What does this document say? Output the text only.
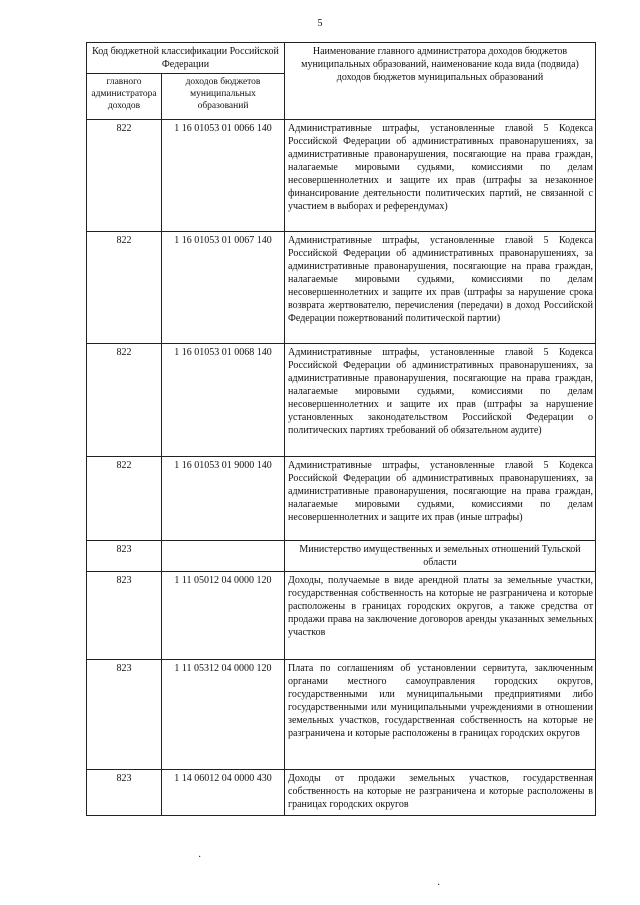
5
Код бюджетной классификации Российской Федерации		Наименование главного администратора доходов бюджетов муниципальных образований, наименование кода вида (подвида) доходов бюджетов муниципальных образований
главного администратора доходов	доходов бюджетов муниципальных образований	
822	1 16 01053 01 0066 140	Административные штрафы, установленные главой 5 Кодекса Российской Федерации об административных правонарушениях, за административные правонарушения, посягающие на права граждан, налагаемые мировыми судьями, комиссиями по делам несовершеннолетних и защите их прав (штрафы за незаконное финансирование деятельности политических партий, не связанной с участием в выборах и референдумах)
822	1 16 01053 01 0067 140	Административные штрафы, установленные главой 5 Кодекса Российской Федерации об административных правонарушениях, за административные правонарушения, посягающие на права граждан, налагаемые мировыми судьями, комиссиями по делам несовершеннолетних и защите их прав (штрафы за нарушение срока возврата жертвователю, перечисления (передачи) в доход Российской Федерации пожертвований политической партии)
822	1 16 01053 01 0068 140	Административные штрафы, установленные главой 5 Кодекса Российской Федерации об административных правонарушениях, за административные правонарушения, посягающие на права граждан, налагаемые мировыми судьями, комиссиями по делам несовершеннолетних и защите их прав (штрафы за нарушение установленных законодательством Российской Федерации о политических партиях требований об обязательном аудите)
822	1 16 01053 01 9000 140	Административные штрафы, установленные главой 5 Кодекса Российской Федерации об административных правонарушениях, за административные правонарушения, посягающие на права граждан, налагаемые мировыми судьями, комиссиями по делам несовершеннолетних и защите их прав (иные штрафы)
823		Министерство имущественных и земельных отношений Тульской области
823	1 11 05012 04 0000 120	Доходы, получаемые в виде арендной платы за земельные участки, государственная собственность на которые не разграничена и которые расположены в границах городских округов, а также средства от продажи права на заключение договоров аренды указанных земельных участков
823	1 11 05312 04 0000 120	Плата по соглашениям об установлении сервитута, заключенным органами местного самоуправления городских округов, государственными или муниципальными предприятиями либо государственными или муниципальными учреждениями в отношении земельных участков, государственная собственность на которые не разграничена и которые расположены в границах городских округов
823	1 14 06012 04 0000 430	Доходы от продажи земельных участков, государственная собственность на которые не разграничена и которые расположены в границах городских округов
·
·
